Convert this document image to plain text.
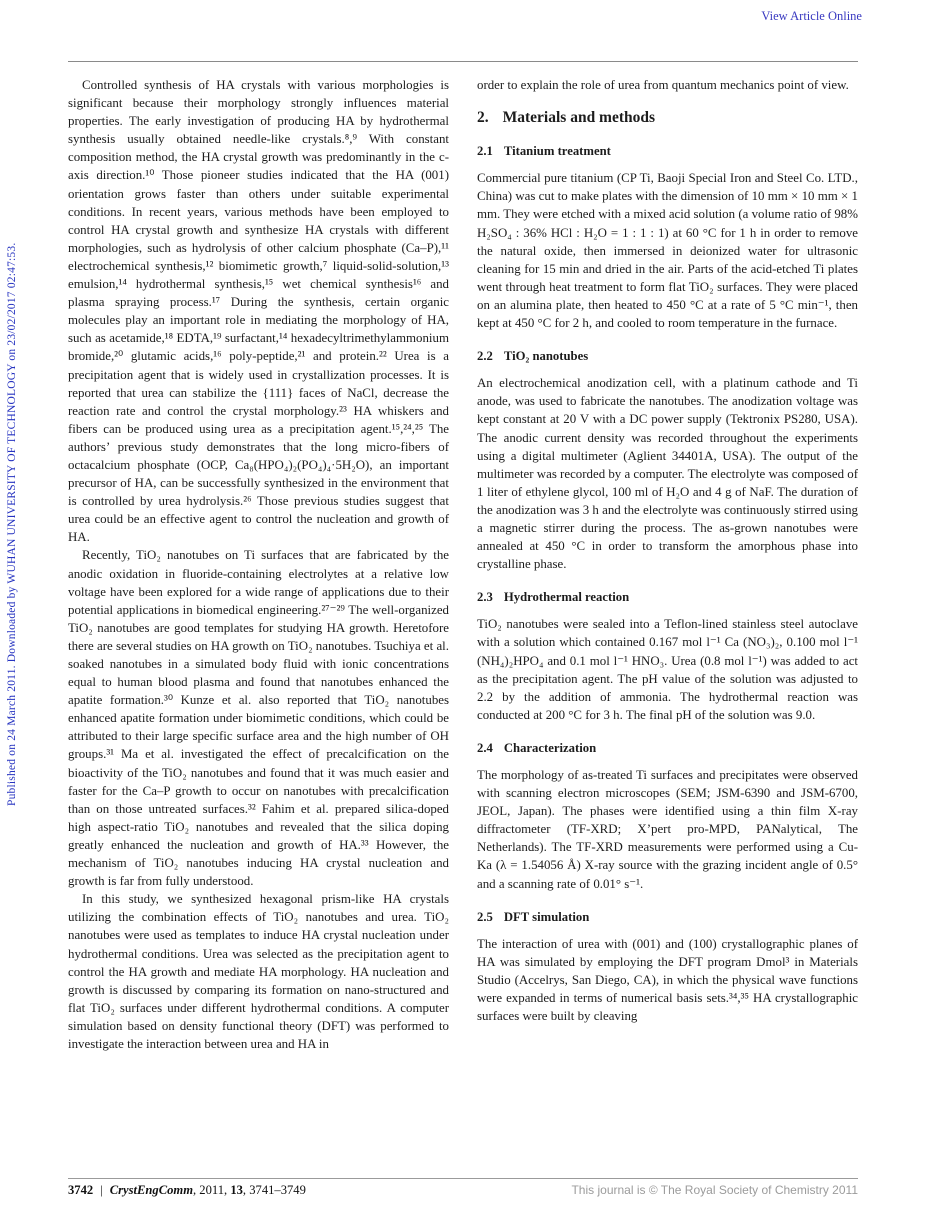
View Article Online
Published on 24 March 2011. Downloaded by WUHAN UNIVERSITY OF TECHNOLOGY on 23/02/2017 02:47:53.

Controlled synthesis of HA crystals with various morphologies is significant because their morphology strongly influences material properties. The early investigation of producing HA by hydrothermal synthesis usually obtained needle-like crystals.⁸,⁹ With constant composition method, the HA crystal growth was predominantly in the c-axis direction.¹⁰ Those pioneer studies indicated that the HA (001) orientation grows faster than others under suitable experimental conditions. In recent years, various methods have been employed to control HA crystal growth and synthesize HA crystals with different morphologies, such as hydrolysis of other calcium phosphate (Ca–P),¹¹ electrochemical synthesis,¹² biomimetic growth,⁷ liquid-solid-solution,¹³ emulsion,¹⁴ hydrothermal synthesis,¹⁵ wet chemical synthesis¹⁶ and plasma spraying process.¹⁷ During the synthesis, certain organic molecules play an important role in mediating the morphology of HA, such as acetamide,¹⁸ EDTA,¹⁹ surfactant,¹⁴ hexadecyltrimethylammonium bromide,²⁰ glutamic acids,¹⁶ poly-peptide,²¹ and protein.²² Urea is a precipitation agent that is widely used in crystallization processes. It is reported that urea can stabilize the {111} faces of NaCl, decrease the reaction rate and control the crystal morphology.²³ HA whiskers and fibers can be produced using urea as a precipitation agent.¹⁵,²⁴,²⁵ The authors’ previous study demonstrates that the long micro-fibers of octacalcium phosphate (OCP, Ca₈(HPO₄)₂(PO₄)₄·5H₂O), an important precursor of HA, can be successfully synthesized in the environment that is controlled by urea hydrolysis.²⁶ Those previous studies suggest that urea could be an effective agent to control the nucleation and growth of HA.

Recently, TiO₂ nanotubes on Ti surfaces that are fabricated by the anodic oxidation in fluoride-containing electrolytes at a relative low voltage have been explored for a wide range of applications due to their potential applications in biomedical engineering.²⁷⁻²⁹ The well-organized TiO₂ nanotubes are good templates for studying HA growth. Heretofore there are several studies on HA growth on TiO₂ nanotubes. Tsuchiya et al. soaked nanotubes in a simulated body fluid with ionic concentrations equal to human blood plasma and found that nanotubes enhanced the apatite formation.³⁰ Kunze et al. also reported that TiO₂ nanotubes enhanced apatite formation under biomimetic conditions, which could be attributed to their large specific surface area and the high number of OH groups.³¹ Ma et al. investigated the effect of precalcification on the bioactivity of the TiO₂ nanotubes and found that it was much easier and faster for the Ca–P growth to occur on nanotubes with precalcification than on those untreated surfaces.³² Fahim et al. prepared silica-doped high aspect-ratio TiO₂ nanotubes and revealed that the silica doping greatly enhanced the nucleation and growth of HA.³³ However, the mechanism of TiO₂ nanotubes inducing HA crystal nucleation and growth is far from fully understood.

In this study, we synthesized hexagonal prism-like HA crystals utilizing the combination effects of TiO₂ nanotubes and urea. TiO₂ nanotubes were used as templates to induce HA crystal nucleation under hydrothermal conditions. Urea was selected as the precipitation agent to control the HA growth and mediate HA morphology. HA nucleation and growth is discussed by comparing its formation on nano-structured and flat TiO₂ surfaces under different hydrothermal conditions. A computer simulation based on density functional theory (DFT) was performed to investigate the interaction between urea and HA in

order to explain the role of urea from quantum mechanics point of view.

2. Materials and methods
2.1 Titanium treatment

Commercial pure titanium (CP Ti, Baoji Special Iron and Steel Co. LTD., China) was cut to make plates with the dimension of 10 mm × 10 mm × 1 mm. They were etched with a mixed acid solution (a volume ratio of 98% H₂SO₄ : 36% HCl : H₂O = 1 : 1 : 1) at 60 °C for 1 h in order to remove the natural oxide, then immersed in deionized water for ultrasonic cleaning for 15 min and dried in the air. Parts of the acid-etched Ti plates went through heat treatment to form flat TiO₂ surfaces. They were placed on an alumina plate, then heated to 450 °C at a rate of 5 °C min⁻¹, then kept at 450 °C for 2 h, and cooled to room temperature in the furnace.

2.2 TiO₂ nanotubes

An electrochemical anodization cell, with a platinum cathode and Ti anode, was used to fabricate the nanotubes. The anodization voltage was kept constant at 20 V with a DC power supply (Tektronix PS280, USA). The anodic current density was recorded throughout the experiments using a digital multimeter (Aglient 34401A, USA). The output of the multimeter was recorded by a computer. The electrolyte was composed of 1 liter of ethylene glycol, 100 ml of H₂O and 4 g of NaF. The duration of the anodization was 3 h and the electrolyte was continuously stirred using a magnetic stirrer during the process. The as-grown nanotubes were annealed at 450 °C in order to transform the amorphous phase into crystalline phase.

2.3 Hydrothermal reaction

TiO₂ nanotubes were sealed into a Teflon-lined stainless steel autoclave with a solution which contained 0.167 mol l⁻¹ Ca (NO₃)₂, 0.100 mol l⁻¹ (NH₄)₂HPO₄ and 0.1 mol l⁻¹ HNO₃. Urea (0.8 mol l⁻¹) was added to act as the precipitation agent. The pH value of the solution was adjusted to 2.2 by the addition of ammonia. The hydrothermal reaction was conducted at 200 °C for 3 h. The final pH of the solution was 9.0.

2.4 Characterization

The morphology of as-treated Ti surfaces and precipitates were observed with scanning electron microscopes (SEM; JSM-6390 and JSM-6700, JEOL, Japan). The phases were identified using a thin film X-ray diffractometer (TF-XRD; X’pert pro-MPD, PANalytical, The Netherlands). The TF-XRD measurements were performed using a Cu-Ka (λ = 1.54056 Å) X-ray source with the grazing incident angle of 0.5° and a scanning rate of 0.01° s⁻¹.

2.5 DFT simulation

The interaction of urea with (001) and (100) crystallographic planes of HA was simulated by employing the DFT program Dmol³ in Materials Studio (Accelrys, San Diego, CA), in which the physical wave functions were expanded in terms of numerical basis sets.³⁴,³⁵ HA crystallographic surfaces were built by cleaving

3742 | CrystEngComm, 2011, 13, 3741–3749	This journal is © The Royal Society of Chemistry 2011
